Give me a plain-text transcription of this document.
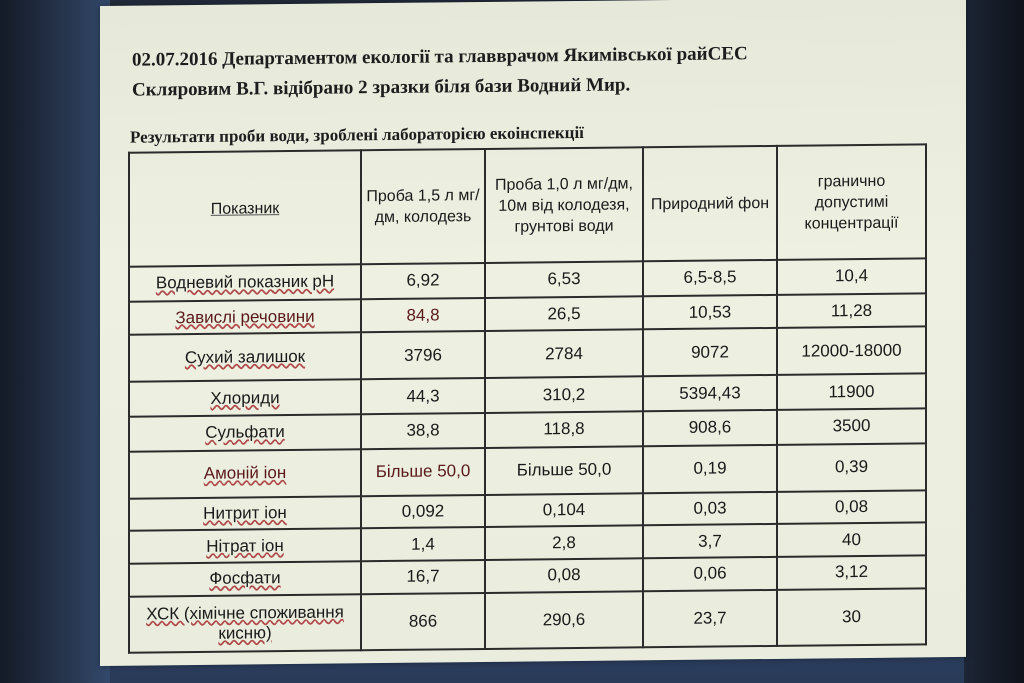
02.07.2016 Департаментом екології та главврачом Якимівської райСЕС
Скляровим В.Г. відібрано 2 зразки біля бази Водний Мир.
Результати проби води, зроблені лабораторією екоінспекції
Показник	Проба 1,5 л мг/дм, колодезь	Проба 1,0 л мг/дм, 10м від колодезя, грунтові води	Природний фон	гранично допустимі концентрації
Водневий показник рН	6,92	6,53	6,5-8,5	10,4
Завислі речовини	84,8	26,5	10,53	11,28
Сухий залишок	3796	2784	9072	12000-18000
Хлориди	44,3	310,2	5394,43	11900
Сульфати	38,8	118,8	908,6	3500
Амоній іон	Більше 50,0	Більше 50,0	0,19	0,39
Нитрит іон	0,092	0,104	0,03	0,08
Нітрат іон	1,4	2,8	3,7	40
Фосфати	16,7	0,08	0,06	3,12
ХСК (хімічне споживання кисню)	866	290,6	23,7	30
